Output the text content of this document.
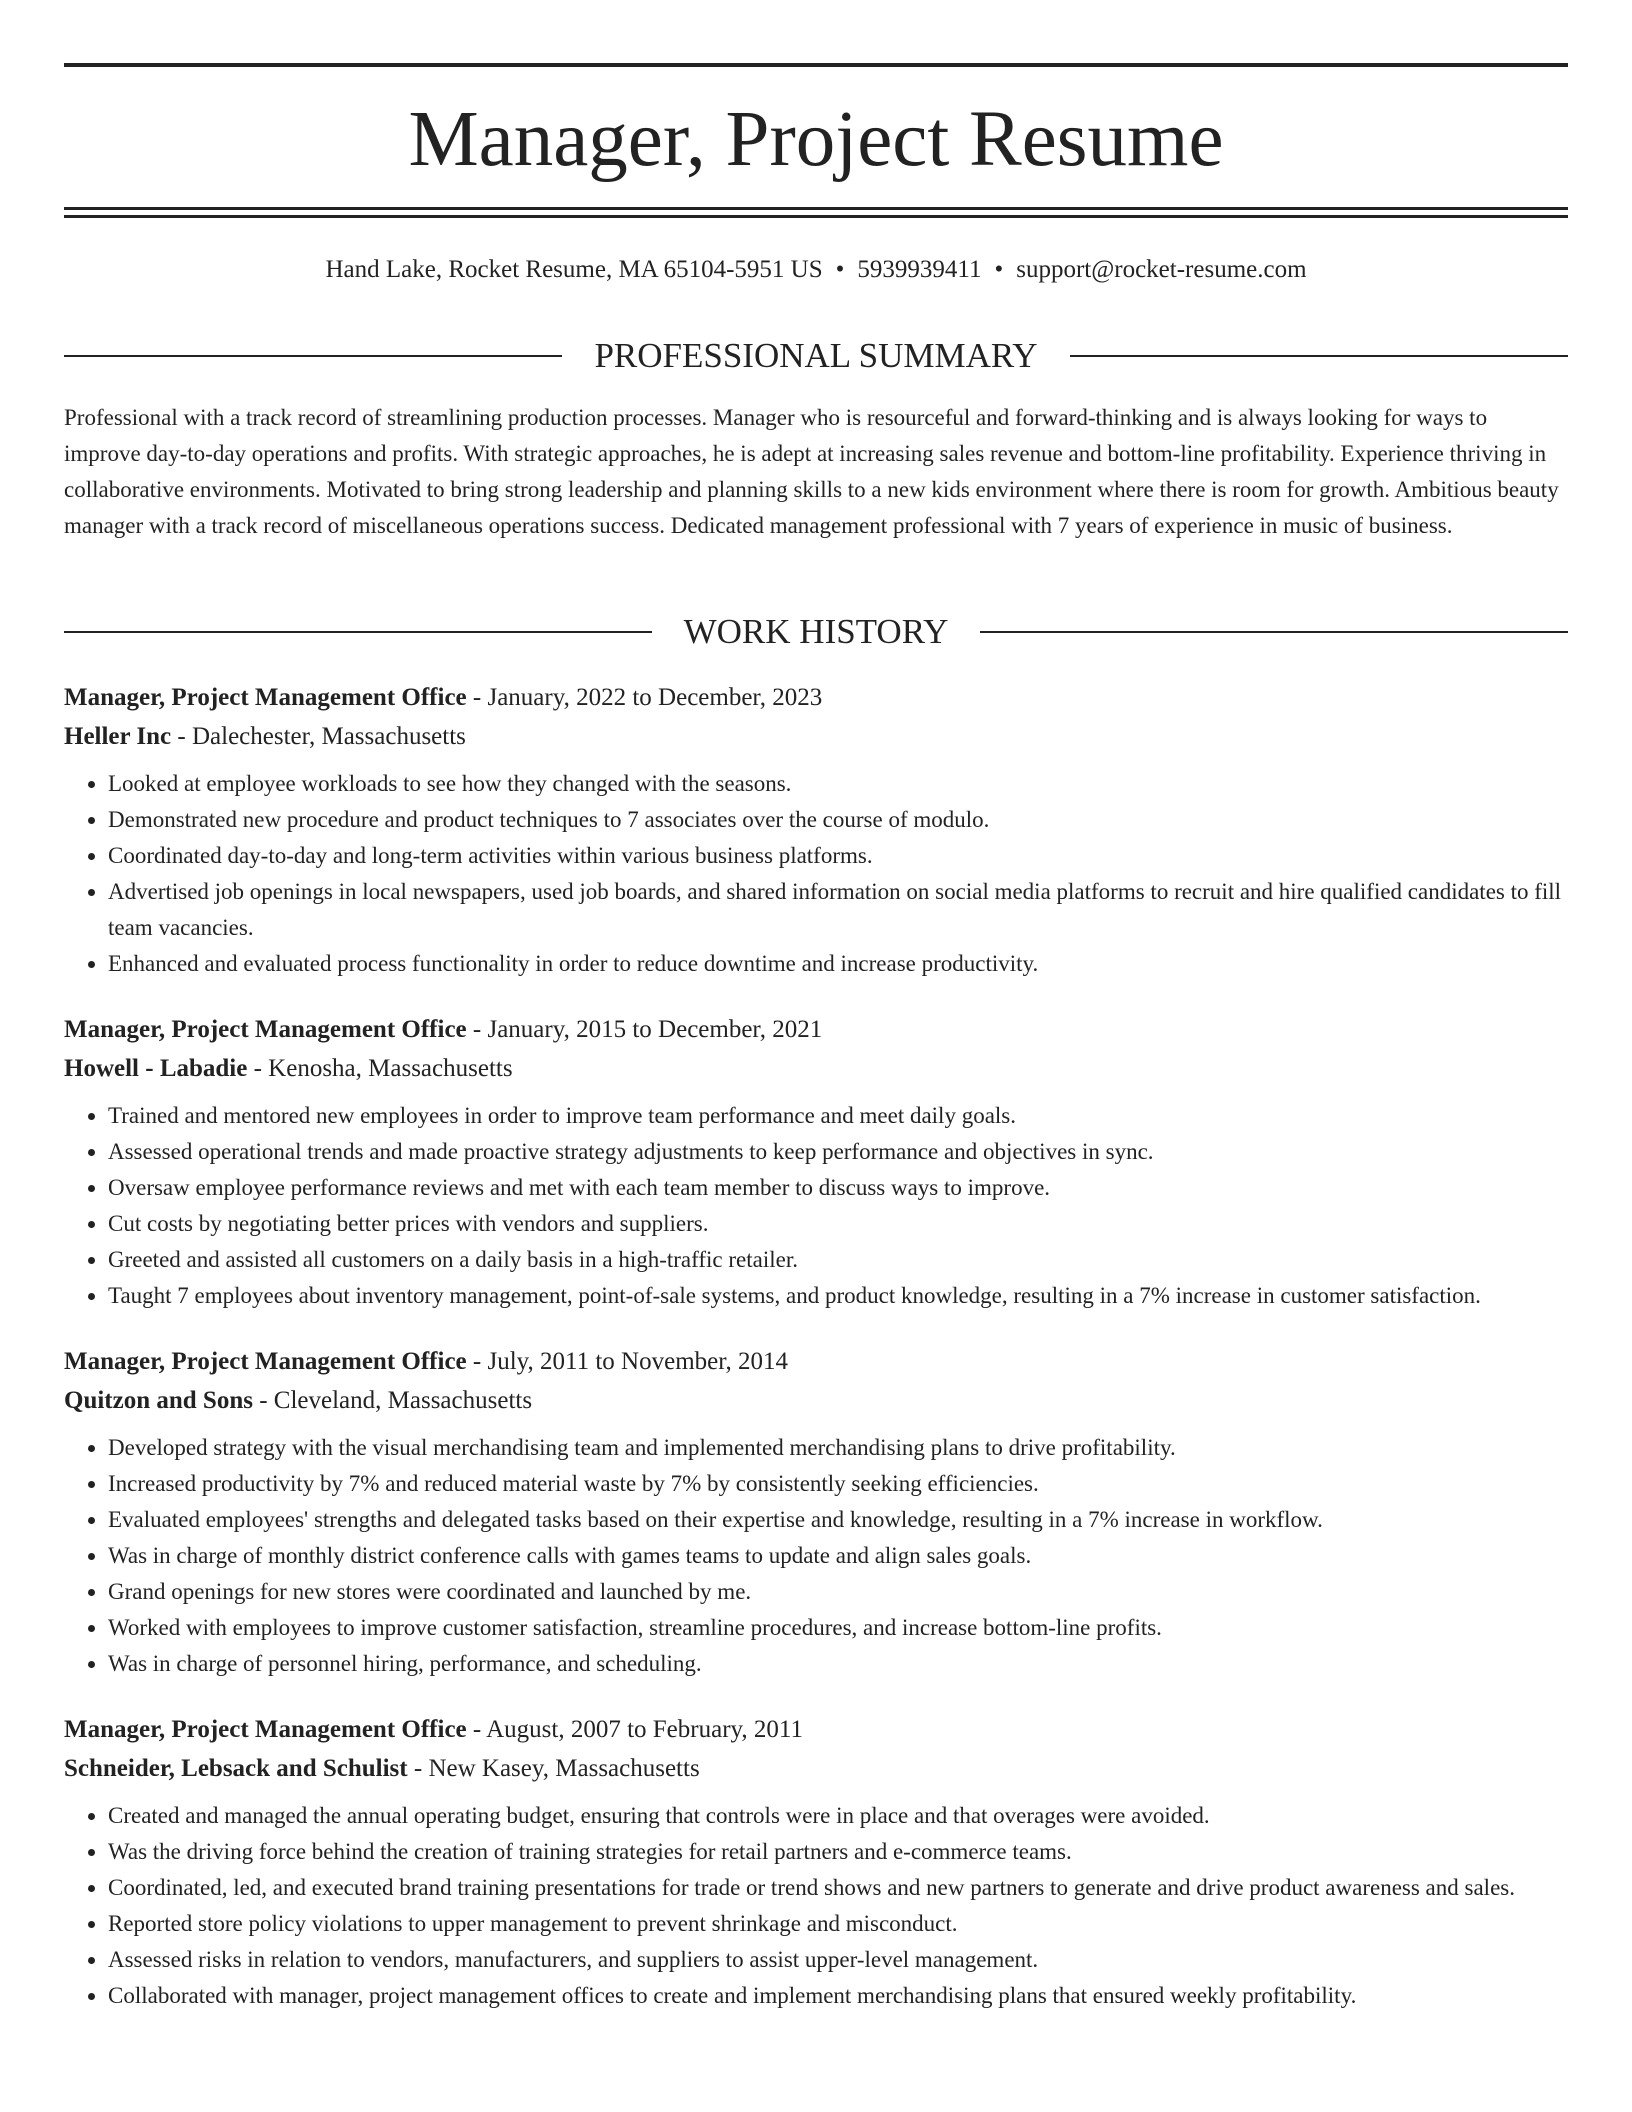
Manager, Project Resume
Hand Lake, Rocket Resume, MA 65104-5951 US • 5939939411 • support@rocket-resume.com
PROFESSIONAL SUMMARY

Professional with a track record of streamlining production processes. Manager who is resourceful and forward-thinking and is always looking for ways to improve day-to-day operations and profits. With strategic approaches, he is adept at increasing sales revenue and bottom-line profitability. Experience thriving in collaborative environments. Motivated to bring strong leadership and planning skills to a new kids environment where there is room for growth. Ambitious beauty manager with a track record of miscellaneous operations success. Dedicated management professional with 7 years of experience in music of business.

WORK HISTORY
Manager, Project Management Office - January, 2022 to December, 2023
Heller Inc - Dalechester, Massachusetts
• Looked at employee workloads to see how they changed with the seasons.
• Demonstrated new procedure and product techniques to 7 associates over the course of modulo.
• Coordinated day-to-day and long-term activities within various business platforms.
• Advertised job openings in local newspapers, used job boards, and shared information on social media platforms to recruit and hire qualified candidates to fill team vacancies.
• Enhanced and evaluated process functionality in order to reduce downtime and increase productivity.
Manager, Project Management Office - January, 2015 to December, 2021
Howell - Labadie - Kenosha, Massachusetts
• Trained and mentored new employees in order to improve team performance and meet daily goals.
• Assessed operational trends and made proactive strategy adjustments to keep performance and objectives in sync.
• Oversaw employee performance reviews and met with each team member to discuss ways to improve.
• Cut costs by negotiating better prices with vendors and suppliers.
• Greeted and assisted all customers on a daily basis in a high-traffic retailer.
• Taught 7 employees about inventory management, point-of-sale systems, and product knowledge, resulting in a 7% increase in customer satisfaction.
Manager, Project Management Office - July, 2011 to November, 2014
Quitzon and Sons - Cleveland, Massachusetts
• Developed strategy with the visual merchandising team and implemented merchandising plans to drive profitability.
• Increased productivity by 7% and reduced material waste by 7% by consistently seeking efficiencies.
• Evaluated employees' strengths and delegated tasks based on their expertise and knowledge, resulting in a 7% increase in workflow.
• Was in charge of monthly district conference calls with games teams to update and align sales goals.
• Grand openings for new stores were coordinated and launched by me.
• Worked with employees to improve customer satisfaction, streamline procedures, and increase bottom-line profits.
• Was in charge of personnel hiring, performance, and scheduling.
Manager, Project Management Office - August, 2007 to February, 2011
Schneider, Lebsack and Schulist - New Kasey, Massachusetts
• Created and managed the annual operating budget, ensuring that controls were in place and that overages were avoided.
• Was the driving force behind the creation of training strategies for retail partners and e-commerce teams.
• Coordinated, led, and executed brand training presentations for trade or trend shows and new partners to generate and drive product awareness and sales.
• Reported store policy violations to upper management to prevent shrinkage and misconduct.
• Assessed risks in relation to vendors, manufacturers, and suppliers to assist upper-level management.
• Collaborated with manager, project management offices to create and implement merchandising plans that ensured weekly profitability.
